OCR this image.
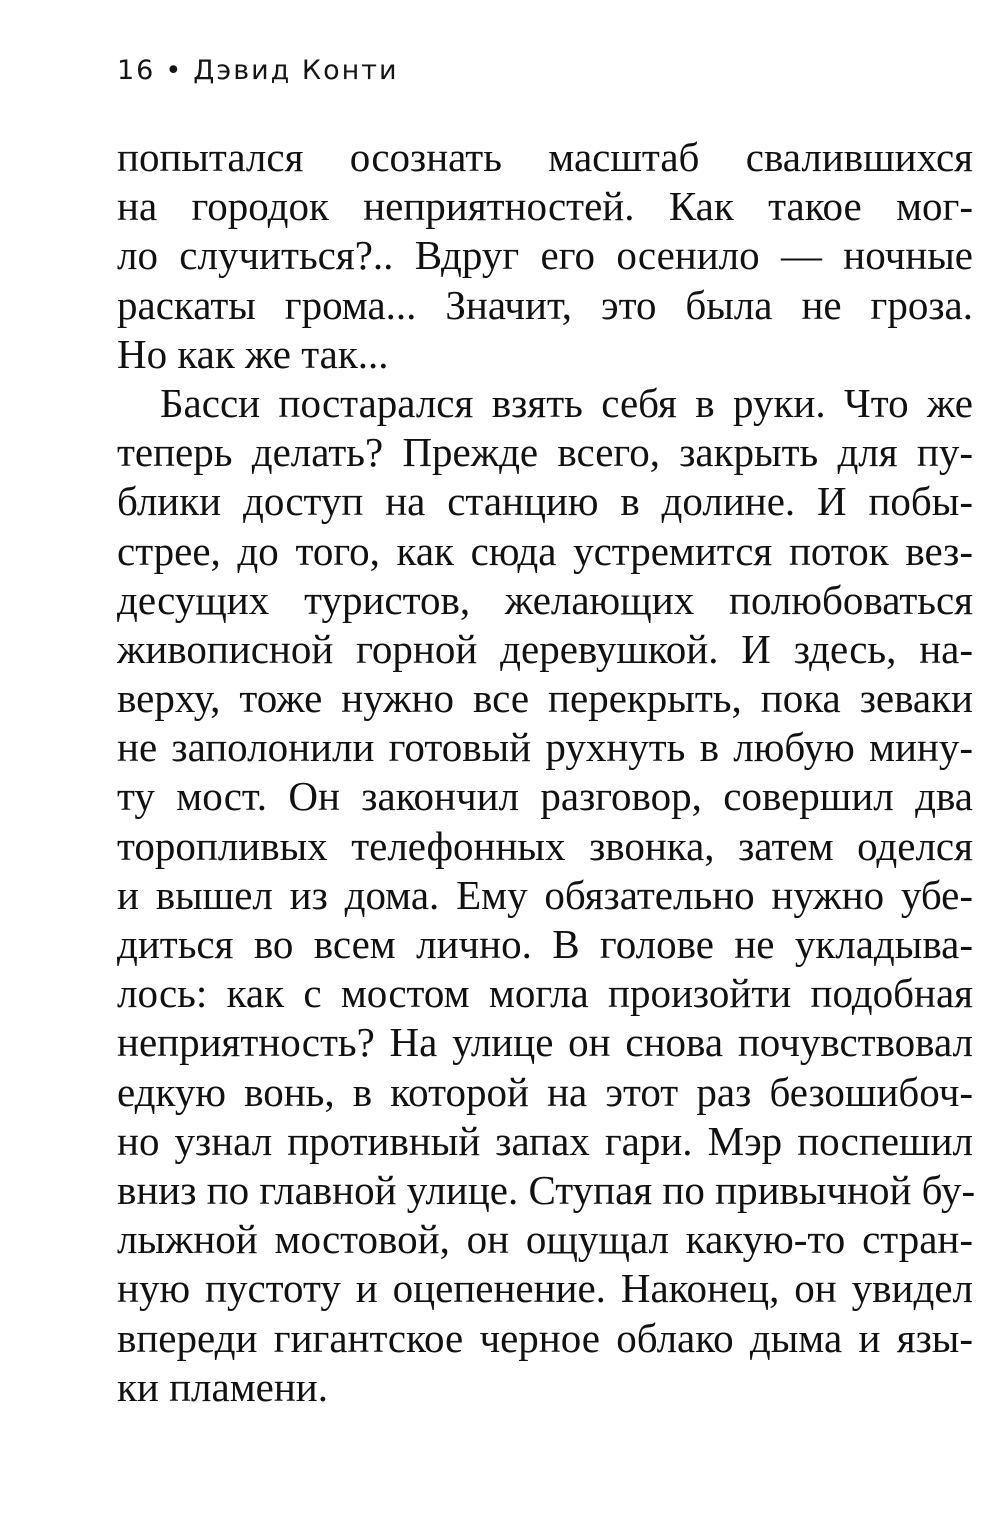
16 • Дэвид Конти
попытался осознать масштаб свалившихся
на городок неприятностей. Как такое мог-
ло случиться?.. Вдруг его осенило — ночные
раскаты грома... Значит, это была не гроза.
Но как же так...
Басси постарался взять себя в руки. Что же
теперь делать? Прежде всего, закрыть для пу-
блики доступ на станцию в долине. И побы-
стрее, до того, как сюда устремится поток вез-
десущих туристов, желающих полюбоваться
живописной горной деревушкой. И здесь, на-
верху, тоже нужно все перекрыть, пока зеваки
не заполонили готовый рухнуть в любую мину-
ту мост. Он закончил разговор, совершил два
торопливых телефонных звонка, затем оделся
и вышел из дома. Ему обязательно нужно убе-
диться во всем лично. В голове не укладыва-
лось: как с мостом могла произойти подобная
неприятность? На улице он снова почувствовал
едкую вонь, в которой на этот раз безошибоч-
но узнал противный запах гари. Мэр поспешил
вниз по главной улице. Ступая по привычной бу-
лыжной мостовой, он ощущал какую-то стран-
ную пустоту и оцепенение. Наконец, он увидел
впереди гигантское черное облако дыма и язы-
ки пламени.
